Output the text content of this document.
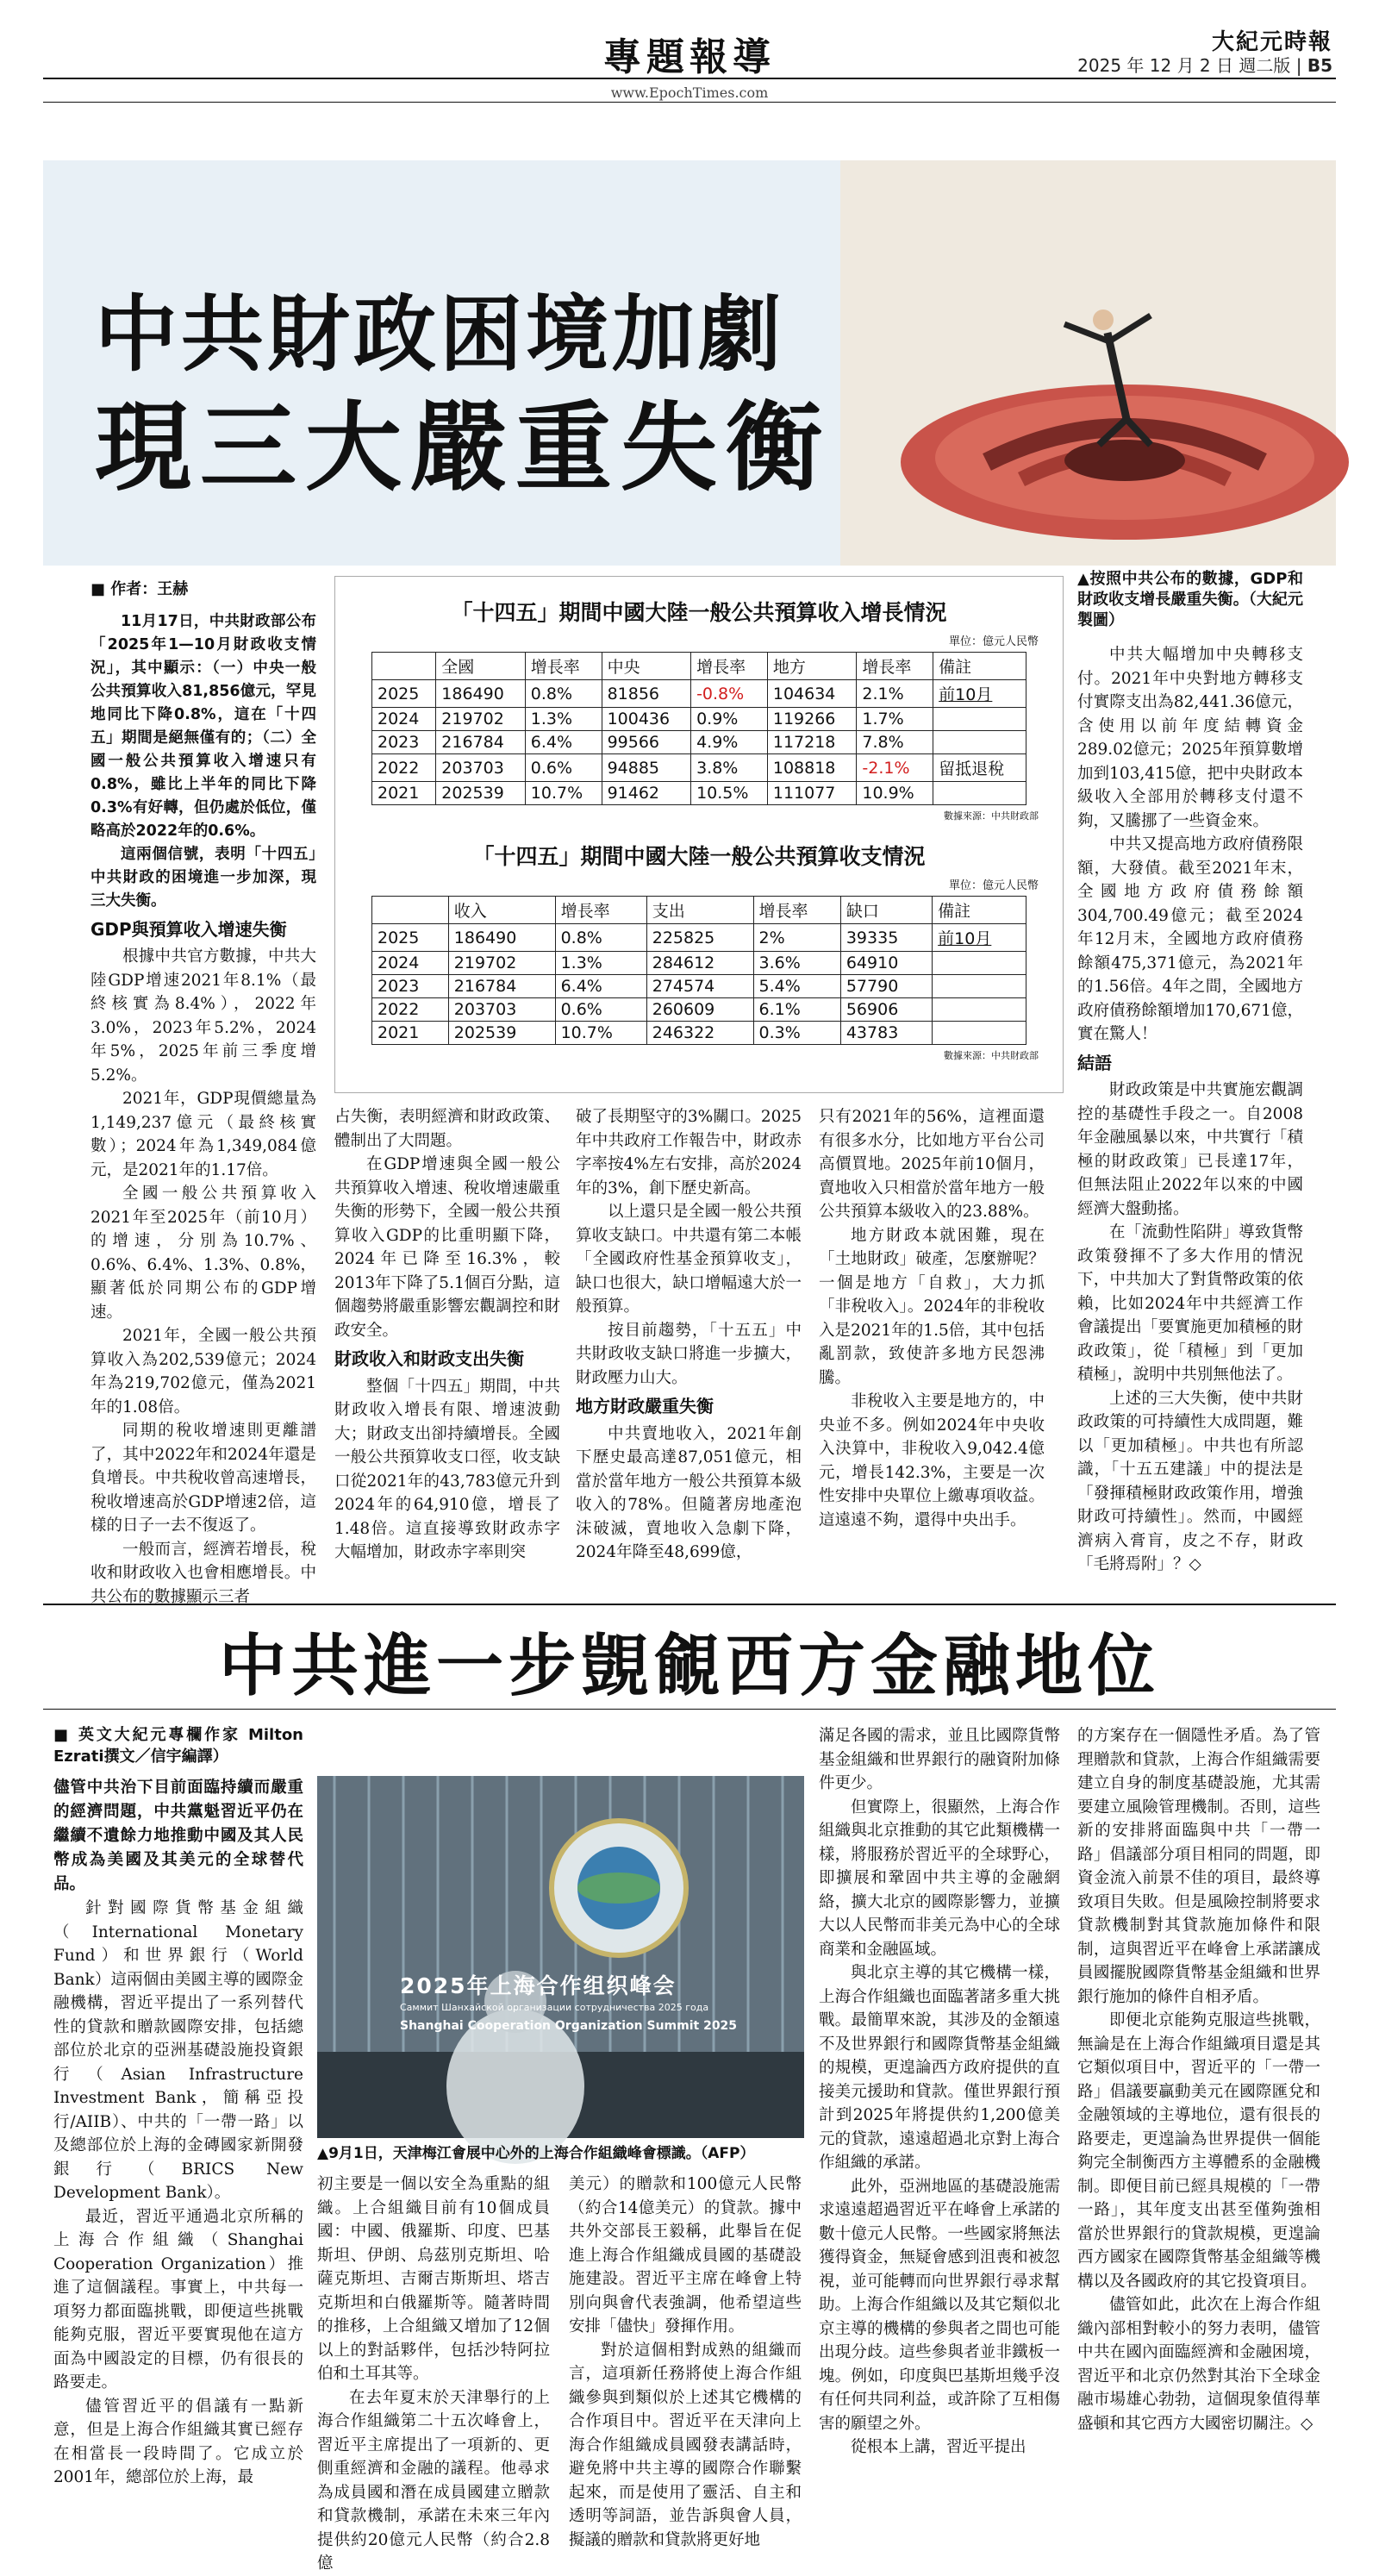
專題報導
www.EpochTimes.com
大紀元時報
2025 年 12 月 2 日 週二版 | B5
中共財政困境加劇
現三大嚴重失衡
■ 作者：王赫

11月17日，中共財政部公布「2025年1—10月財政收支情況」，其中顯示：（一）中央一般公共預算收入81,856億元，罕見地同比下降0.8%，這在「十四五」期間是絕無僅有的；（二）全國一般公共預算收入增速只有0.8%，雖比上半年的同比下降0.3%有好轉，但仍處於低位，僅略高於2022年的0.6%。

這兩個信號，表明「十四五」中共財政的困境進一步加深，現三大失衡。

GDP與預算收入增速失衡

根據中共官方數據，中共大陸GDP增速2021年8.1%（最終核實為8.4%），2022年3.0%，2023年5.2%，2024年5%，2025年前三季度增5.2%。

2021年，GDP現價總量為1,149,237億元（最終核實數）；2024年為1,349,084億元，是2021年的1.17倍。

全國一般公共預算收入2021年至2025年（前10月）的增速，分別為10.7%、0.6%、6.4%、1.3%、0.8%，顯著低於同期公布的GDP增速。

2021年，全國一般公共預算收入為202,539億元；2024年為219,702億元，僅為2021年的1.08倍。

同期的稅收增速則更離譜了，其中2022年和2024年還是負增長。中共稅收曾高速增長，稅收增速高於GDP增速2倍，這樣的日子一去不復返了。

一般而言，經濟若增長，稅收和財政收入也會相應增長。中共公布的數據顯示三者

「十四五」期間中國大陸一般公共預算收入增長情況
單位：億元人民幣
	全國	增長率	中央	增長率	地方	增長率	備註
2025	186490	0.8%	81856	-0.8%	104634	2.1%	前10月
2024	219702	1.3%	100436	0.9%	119266	1.7%	
2023	216784	6.4%	99566	4.9%	117218	7.8%	
2022	203703	0.6%	94885	3.8%	108818	-2.1%	留抵退稅
2021	202539	10.7%	91462	10.5%	111077	10.9%	
數據來源：中共財政部
「十四五」期間中國大陸一般公共預算收支情況
單位：億元人民幣
	收入	增長率	支出	增長率	缺口	備註
2025	186490	0.8%	225825	2%	39335	前10月
2024	219702	1.3%	284612	3.6%	64910	
2023	216784	6.4%	274574	5.4%	57790	
2022	203703	0.6%	260609	6.1%	56906	
2021	202539	10.7%	246322	0.3%	43783	
數據來源：中共財政部

占失衡，表明經濟和財政政策、體制出了大問題。

在GDP增速與全國一般公共預算收入增速、稅收增速嚴重失衡的形勢下，全國一般公共預算收入GDP的比重明顯下降，2024年已降至16.3%，較2013年下降了5.1個百分點，這個趨勢將嚴重影響宏觀調控和財政安全。

財政收入和財政支出失衡

整個「十四五」期間，中共財政收入增長有限、增速波動大；財政支出卻持續增長。全國一般公共預算收支口徑，收支缺口從2021年的43,783億元升到2024年的64,910億，增長了1.48倍。這直接導致財政赤字大幅增加，財政赤字率則突

破了長期堅守的3%關口。2025年中共政府工作報告中，財政赤字率按4%左右安排，高於2024年的3%，創下歷史新高。

以上還只是全國一般公共預算收支缺口。中共還有第二本帳「全國政府性基金預算收支」，缺口也很大，缺口增幅遠大於一般預算。

按目前趨勢，「十五五」中共財政收支缺口將進一步擴大，財政壓力山大。

地方財政嚴重失衡

中共賣地收入，2021年創下歷史最高達87,051億元，相當於當年地方一般公共預算本級收入的78%。但隨著房地產泡沫破滅，賣地收入急劇下降，2024年降至48,699億，

只有2021年的56%，這裡面還有很多水分，比如地方平台公司高價買地。2025年前10個月，賣地收入只相當於當年地方一般公共預算本級收入的23.88%。

地方財政本就困難，現在「土地財政」破產，怎麼辦呢？一個是地方「自救」，大力抓「非稅收入」。2024年的非稅收入是2021年的1.5倍，其中包括亂罰款，致使許多地方民怨沸騰。

非稅收入主要是地方的，中央並不多。例如2024年中央收入決算中，非稅收入9,042.4億元，增長142.3%，主要是一次性安排中央單位上繳專項收益。這遠遠不夠，還得中央出手。

▲按照中共公布的數據，GDP和財政收支增長嚴重失衡。（大紀元製圖）

中共大幅增加中央轉移支付。2021年中央對地方轉移支付實際支出為82,441.36億元，含使用以前年度結轉資金289.02億元；2025年預算數增加到103,415億，把中央財政本級收入全部用於轉移支付還不夠，又騰挪了一些資金來。

中共又提高地方政府債務限額，大發債。截至2021年末，全國地方政府債務餘額304,700.49億元；截至2024年12月末，全國地方政府債務餘額475,371億元，為2021年的1.56倍。4年之間，全國地方政府債務餘額增加170,671億，實在驚人！

結語

財政政策是中共實施宏觀調控的基礎性手段之一。自2008年金融風暴以來，中共實行「積極的財政政策」已長達17年，但無法阻止2022年以來的中國經濟大盤動搖。

在「流動性陷阱」導致貨幣政策發揮不了多大作用的情況下，中共加大了對貨幣政策的依賴，比如2024年中共經濟工作會議提出「要實施更加積極的財政政策」，從「積極」到「更加積極」，說明中共別無他法了。

上述的三大失衡，使中共財政政策的可持續性大成問題，難以「更加積極」。中共也有所認識，「十五五建議」中的提法是「發揮積極財政政策作用，增強財政可持續性」。然而，中國經濟病入膏肓，皮之不存，財政「毛將焉附」？◇

中共進一步覬覦西方金融地位
■ 英文大紀元專欄作家 Milton Ezrati撰文／信宇編譯）

儘管中共治下目前面臨持續而嚴重的經濟問題，中共黨魁習近平仍在繼續不遺餘力地推動中國及其人民幣成為美國及其美元的全球替代品。

針對國際貨幣基金組織（International Monetary Fund）和世界銀行（World Bank）這兩個由美國主導的國際金融機構，習近平提出了一系列替代性的貸款和贈款國際安排，包括總部位於北京的亞洲基礎設施投資銀行（Asian Infrastructure Investment Bank，簡稱亞投行/AIIB）、中共的「一帶一路」以及總部位於上海的金磚國家新開發銀行（BRICS New Development Bank）。

最近，習近平通過北京所稱的上海合作組織（Shanghai Cooperation Organization）推進了這個議程。事實上，中共每一項努力都面臨挑戰，即便這些挑戰能夠克服，習近平要實現他在這方面為中國設定的目標，仍有很長的路要走。

儘管習近平的倡議有一點新意，但是上海合作組織其實已經存在相當長一段時間了。它成立於2001年，總部位於上海，最

2025年上海合作组织峰会
Саммит Шанхайской организации сотрудничества 2025 года
Shanghai Cooperation Organization Summit 2025
▲9月1日，天津梅江會展中心外的上海合作組織峰會標識。（AFP）

初主要是一個以安全為重點的組織。上合組織目前有10個成員國：中國、俄羅斯、印度、巴基斯坦、伊朗、烏茲別克斯坦、哈薩克斯坦、吉爾吉斯斯坦、塔吉克斯坦和白俄羅斯等。隨著時間的推移，上合組織又增加了12個以上的對話夥伴，包括沙特阿拉伯和土耳其等。

在去年夏末於天津舉行的上海合作組織第二十五次峰會上，習近平主席提出了一項新的、更側重經濟和金融的議程。他尋求為成員國和潛在成員國建立贈款和貸款機制，承諾在未來三年內提供約20億元人民幣（約合2.8億

美元）的贈款和100億元人民幣（約合14億美元）的貸款。據中共外交部長王毅稱，此舉旨在促進上海合作組織成員國的基礎設施建設。習近平主席在峰會上特別向與會代表強調，他希望這些安排「儘快」發揮作用。

對於這個相對成熟的組織而言，這項新任務將使上海合作組織參與到類似於上述其它機構的合作項目中。習近平在天津向上海合作組織成員國發表講話時，避免將中共主導的國際合作聯繫起來，而是使用了靈活、自主和透明等詞語，並告訴與會人員，擬議的贈款和貸款將更好地

滿足各國的需求，並且比國際貨幣基金組織和世界銀行的融資附加條件更少。

但實際上，很顯然，上海合作組織與北京推動的其它此類機構一樣，將服務於習近平的全球野心，即擴展和鞏固中共主導的金融網絡，擴大北京的國際影響力，並擴大以人民幣而非美元為中心的全球商業和金融區域。

與北京主導的其它機構一樣，上海合作組織也面臨著諸多重大挑戰。最簡單來說，其涉及的金額遠不及世界銀行和國際貨幣基金組織的規模，更遑論西方政府提供的直接美元援助和貸款。僅世界銀行預計到2025年將提供約1,200億美元的貸款，遠遠超過北京對上海合作組織的承諾。

此外，亞洲地區的基礎設施需求遠遠超過習近平在峰會上承諾的數十億元人民幣。一些國家將無法獲得資金，無疑會感到沮喪和被忽視，並可能轉而向世界銀行尋求幫助。上海合作組織以及其它類似北京主導的機構的參與者之間也可能出現分歧。這些參與者並非鐵板一塊。例如，印度與巴基斯坦幾乎沒有任何共同利益，或許除了互相傷害的願望之外。

從根本上講，習近平提出

的方案存在一個隱性矛盾。為了管理贈款和貸款，上海合作組織需要建立自身的制度基礎設施，尤其需要建立風險管理機制。否則，這些新的安排將面臨與中共「一帶一路」倡議部分項目相同的問題，即資金流入前景不佳的項目，最終導致項目失敗。但是風險控制將要求貸款機制對其貸款施加條件和限制，這與習近平在峰會上承諾讓成員國擺脫國際貨幣基金組織和世界銀行施加的條件自相矛盾。

即便北京能夠克服這些挑戰，無論是在上海合作組織項目還是其它類似項目中，習近平的「一帶一路」倡議要贏動美元在國際匯兌和金融領域的主導地位，還有很長的路要走，更遑論為世界提供一個能夠完全制衡西方主導體系的金融機制。即便目前已經具規模的「一帶一路」，其年度支出甚至僅夠強相當於世界銀行的貸款規模，更遑論西方國家在國際貨幣基金組織等機構以及各國政府的其它投資項目。

儘管如此，此次在上海合作組織內部相對較小的努力表明，儘管中共在國內面臨經濟和金融困境，習近平和北京仍然對其治下全球金融市場雄心勃勃，這個現象值得華盛頓和其它西方大國密切關注。◇
